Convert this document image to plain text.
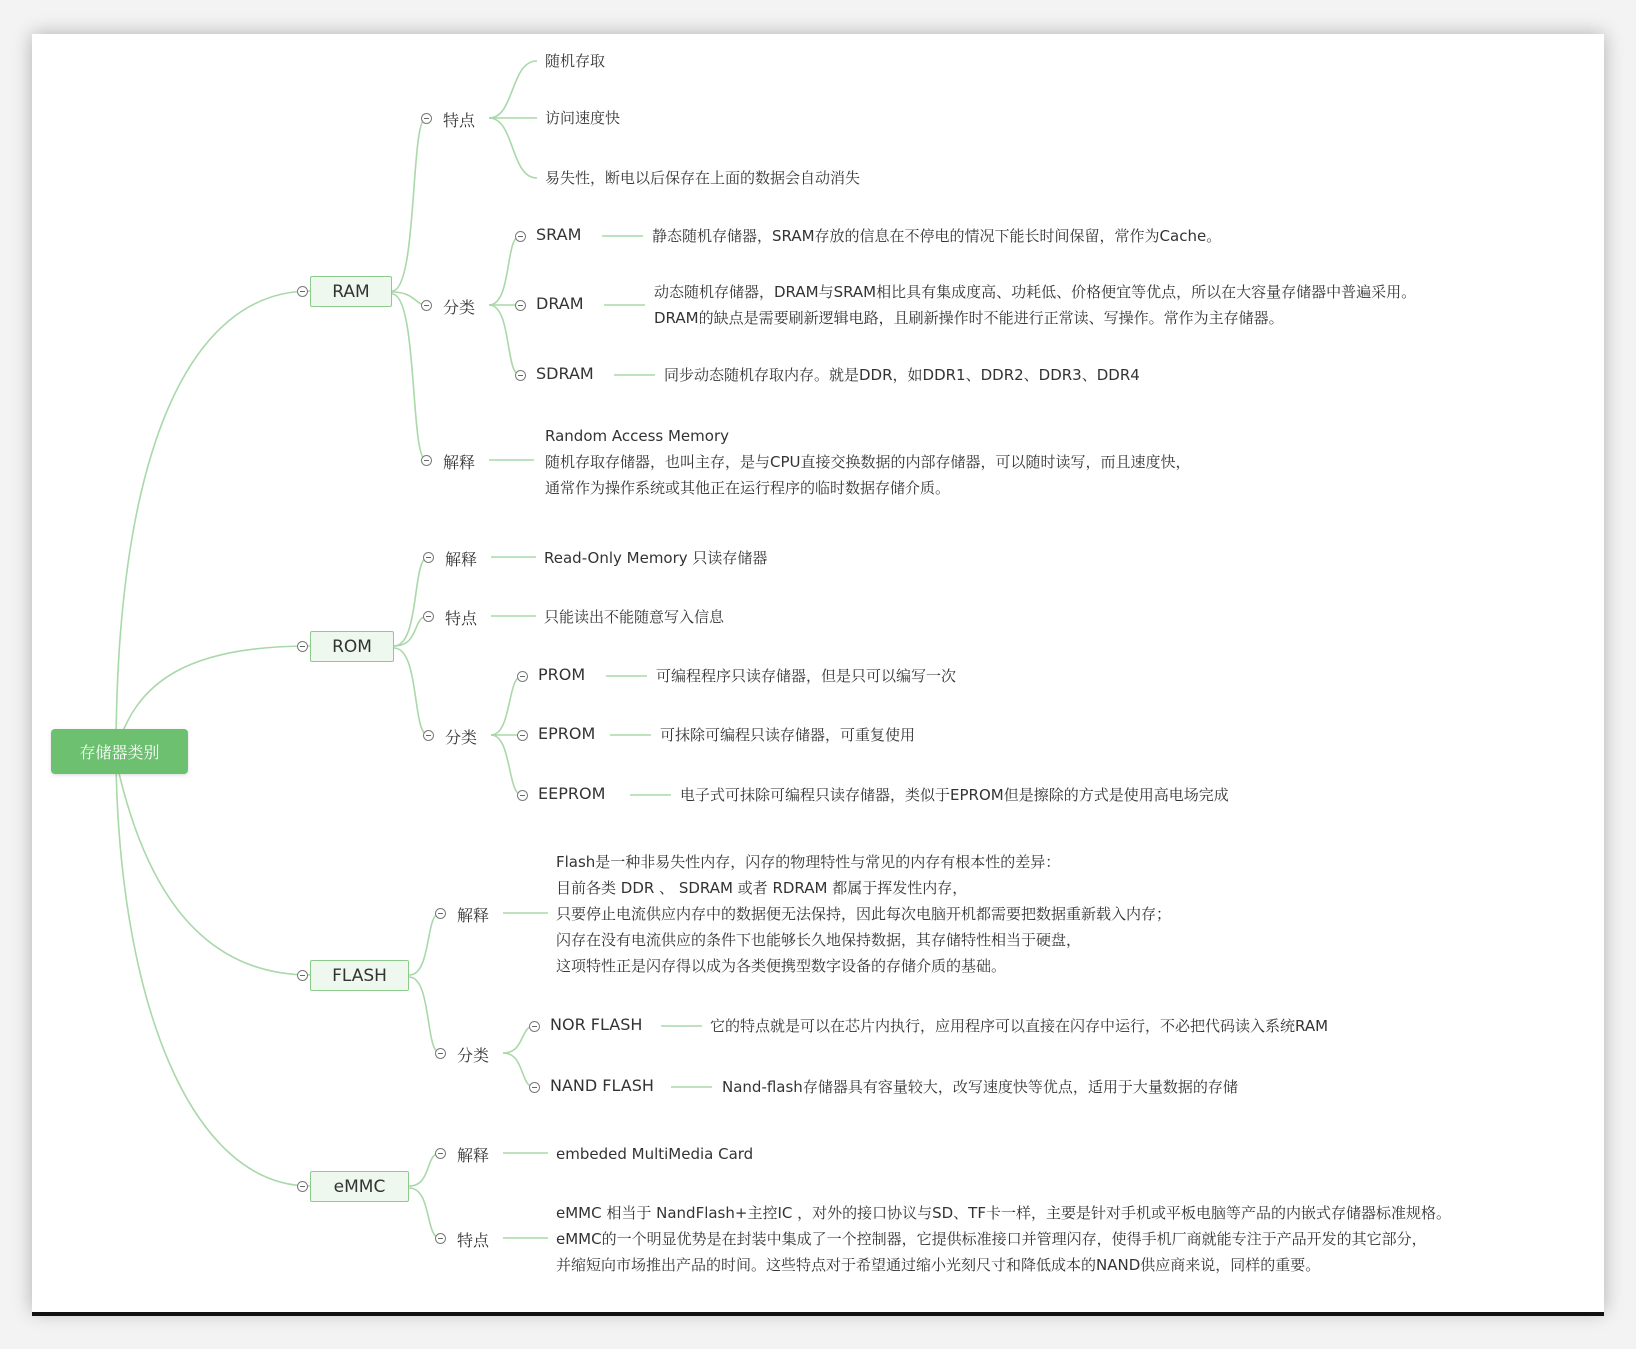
存储器类别
RAM
特点
随机存取
访问速度快
易失性，断电以后保存在上面的数据会自动消失
分类
SRAM	静态随机存储器，SRAM存放的信息在不停电的情况下能长时间保留，常作为Cache。
DRAM
动态随机存储器，DRAM与SRAM相比具有集成度高、功耗低、价格便宜等优点，所以在大容量存储器中普遍采用。
DRAM的缺点是需要刷新逻辑电路，且刷新操作时不能进行正常读、写操作。常作为主存储器。
SDRAM	同步动态随机存取内存。就是DDR，如DDR1、DDR2、DDR3、DDR4
解释
Random Access Memory
随机存取存储器，也叫主存，是与CPU直接交换数据的内部存储器，可以随时读写，而且速度快，
通常作为操作系统或其他正在运行程序的临时数据存储介质。
ROM
解释	Read-Only Memory 只读存储器
特点	只能读出不能随意写入信息
分类
PROM	可编程程序只读存储器，但是只可以编写一次
EPROM	可抹除可编程只读存储器，可重复使用
EEPROM	电子式可抹除可编程只读存储器，类似于EPROM但是擦除的方式是使用高电场完成
FLASH
解释
Flash是一种非易失性内存，闪存的物理特性与常见的内存有根本性的差异：
目前各类 DDR 、 SDRAM 或者 RDRAM 都属于挥发性内存，
只要停止电流供应内存中的数据便无法保持，因此每次电脑开机都需要把数据重新载入内存；
闪存在没有电流供应的条件下也能够长久地保持数据，其存储特性相当于硬盘，
这项特性正是闪存得以成为各类便携型数字设备的存储介质的基础。
分类
NOR FLASH	它的特点就是可以在芯片内执行，应用程序可以直接在闪存中运行，不必把代码读入系统RAM
NAND FLASH	Nand-flash存储器具有容量较大，改写速度快等优点，适用于大量数据的存储
eMMC
解释	embeded MultiMedia Card
特点
eMMC 相当于 NandFlash+主控IC ，对外的接口协议与SD、TF卡一样，主要是针对手机或平板电脑等产品的内嵌式存储器标准规格。
eMMC的一个明显优势是在封装中集成了一个控制器，它提供标准接口并管理闪存，使得手机厂商就能专注于产品开发的其它部分，
并缩短向市场推出产品的时间。这些特点对于希望通过缩小光刻尺寸和降低成本的NAND供应商来说，同样的重要。
